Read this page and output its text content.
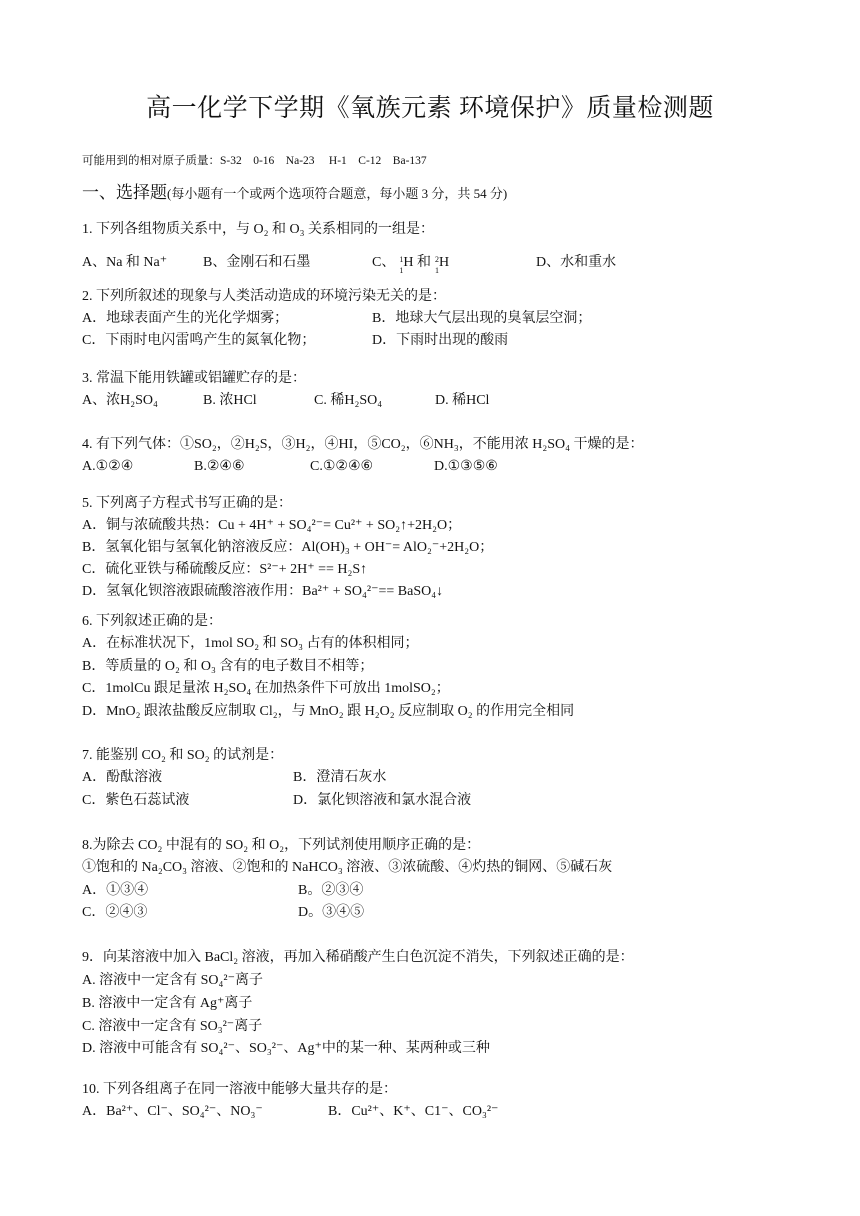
高一化学下学期《氧族元素 环境保护》质量检测题
可能用到的相对原子质量：S-32　0-16　Na-23　 H-1　C-12　Ba-137
一、选择题(每小题有一个或两个选项符合题意，每小题 3 分，共 54 分)
1. 下列各组物质关系中，与 O₂ 和 O₃ 关系相同的一组是：
A、Na 和 Na⁺	B、金刚石和石墨	C、 1
1
H 和 2
1
H	D、水和重水
2. 下列所叙述的现象与人类活动造成的环境污染无关的是：
A．地球表面产生的光化学烟雾；	B．地球大气层出现的臭氧层空洞；
C．下雨时电闪雷鸣产生的氮氧化物；	D．下雨时出现的酸雨
3. 常温下能用铁罐或铝罐贮存的是：
A、浓H₂SO₄	B. 浓HCl	C. 稀H₂SO₄	D. 稀HCl
4. 有下列气体：①SO₂，②H₂S，③H₂，④HI，⑤CO₂，⑥NH₃，不能用浓 H₂SO₄ 干燥的是：
A.①②④	B.②④⑥	C.①②④⑥	D.①③⑤⑥
5. 下列离子方程式书写正确的是：
A．铜与浓硫酸共热：Cu + 4H⁺ + SO₄²⁻= Cu²⁺ + SO₂↑+2H₂O；
B．氢氧化铝与氢氧化钠溶液反应：Al(OH)₃ + OH⁻= AlO₂⁻+2H₂O；
C．硫化亚铁与稀硫酸反应：S²⁻+ 2H⁺ == H₂S↑
D．氢氧化钡溶液跟硫酸溶液作用：Ba²⁺ + SO₄²⁻== BaSO₄↓
6. 下列叙述正确的是：
A．在标准状况下，1mol SO₂ 和 SO₃ 占有的体积相同；
B．等质量的 O₂ 和 O₃ 含有的电子数目不相等；
C．1molCu 跟足量浓 H₂SO₄ 在加热条件下可放出 1molSO₂；
D．MnO₂ 跟浓盐酸反应制取 Cl₂，与 MnO₂ 跟 H₂O₂ 反应制取 O₂ 的作用完全相同
7. 能鉴别 CO₂ 和 SO₂ 的试剂是：
A．酚酞溶液	B．澄清石灰水
C．紫色石蕊试液	D．氯化钡溶液和氯水混合液
8.为除去 CO₂ 中混有的 SO₂ 和 O₂，下列试剂使用顺序正确的是：
①饱和的 Na₂CO₃ 溶液、②饱和的 NaHCO₃ 溶液、③浓硫酸、④灼热的铜网、⑤碱石灰
A．①③④	B。②③④
C．②④③	D。③④⑤
9．向某溶液中加入 BaCl₂ 溶液，再加入稀硝酸产生白色沉淀不消失，下列叙述正确的是：
A. 溶液中一定含有 SO₄²⁻离子
B. 溶液中一定含有 Ag⁺离子
C. 溶液中一定含有 SO₃²⁻离子
D. 溶液中可能含有 SO₄²⁻、SO₃²⁻、Ag⁺中的某一种、某两种或三种
10. 下列各组离子在同一溶液中能够大量共存的是：
A．Ba²⁺、Cl⁻、SO₄²⁻、NO₃⁻	B．Cu²⁺、K⁺、C1⁻、CO₃²⁻
